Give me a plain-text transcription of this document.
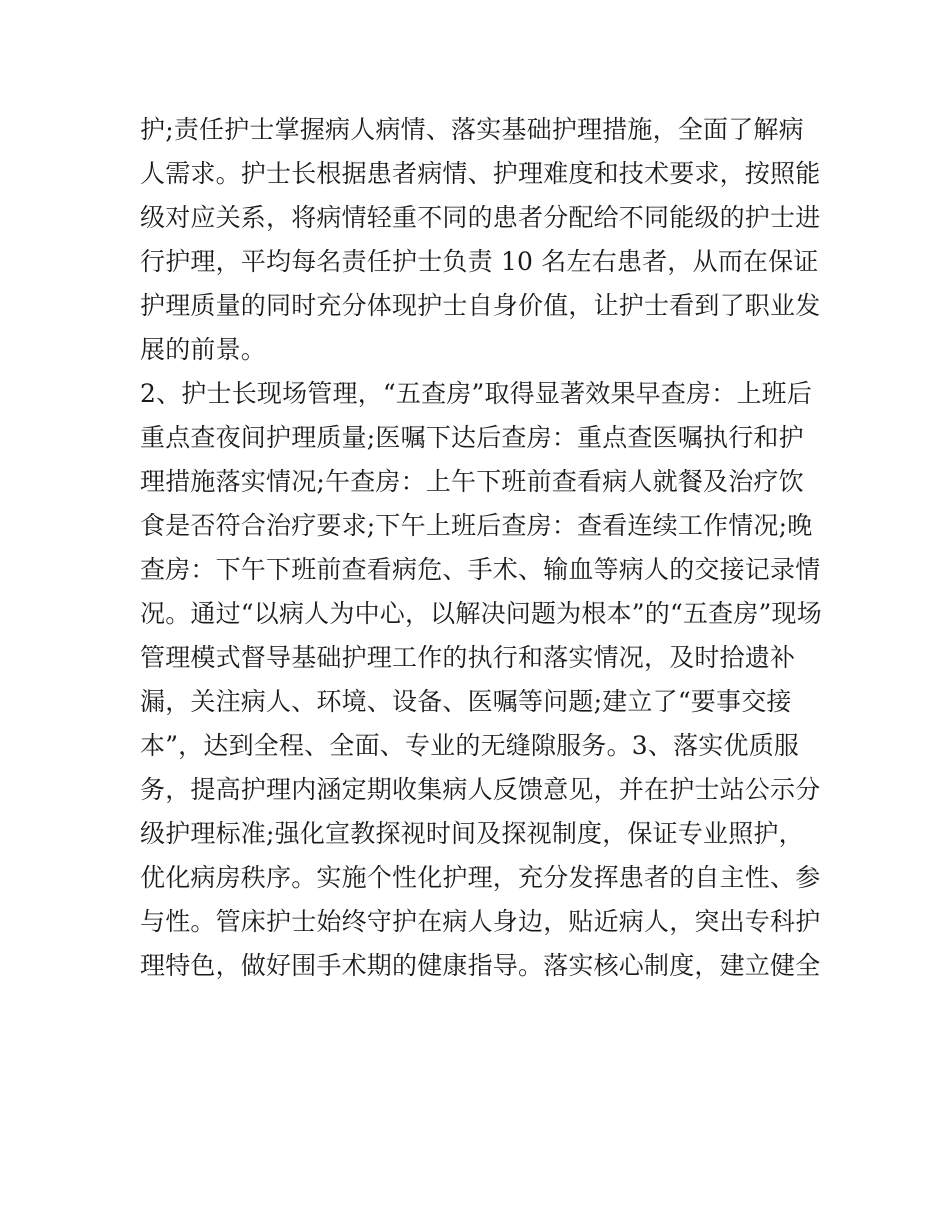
护;责任护士掌握病人病情、落实基础护理措施，全面了解病
人需求。护士长根据患者病情、护理难度和技术要求，按照能
级对应关系，将病情轻重不同的患者分配给不同能级的护士进
行护理，平均每名责任护士负责 10 名左右患者，从而在保证
护理质量的同时充分体现护士自身价值，让护士看到了职业发
展的前景。
2、护士长现场管理，“五查房”取得显著效果早查房：上班后
重点查夜间护理质量;医嘱下达后查房：重点查医嘱执行和护
理措施落实情况;午查房：上午下班前查看病人就餐及治疗饮
食是否符合治疗要求;下午上班后查房：查看连续工作情况;晚
查房：下午下班前查看病危、手术、输血等病人的交接记录情
况。通过“以病人为中心，以解决问题为根本”的“五查房”现场
管理模式督导基础护理工作的执行和落实情况，及时拾遗补
漏，关注病人、环境、设备、医嘱等问题;建立了“要事交接
本”，达到全程、全面、专业的无缝隙服务。3、落实优质服
务，提高护理内涵定期收集病人反馈意见，并在护士站公示分
级护理标准;强化宣教探视时间及探视制度，保证专业照护，
优化病房秩序。实施个性化护理，充分发挥患者的自主性、参
与性。管床护士始终守护在病人身边，贴近病人，突出专科护
理特色，做好围手术期的健康指导。落实核心制度，建立健全
